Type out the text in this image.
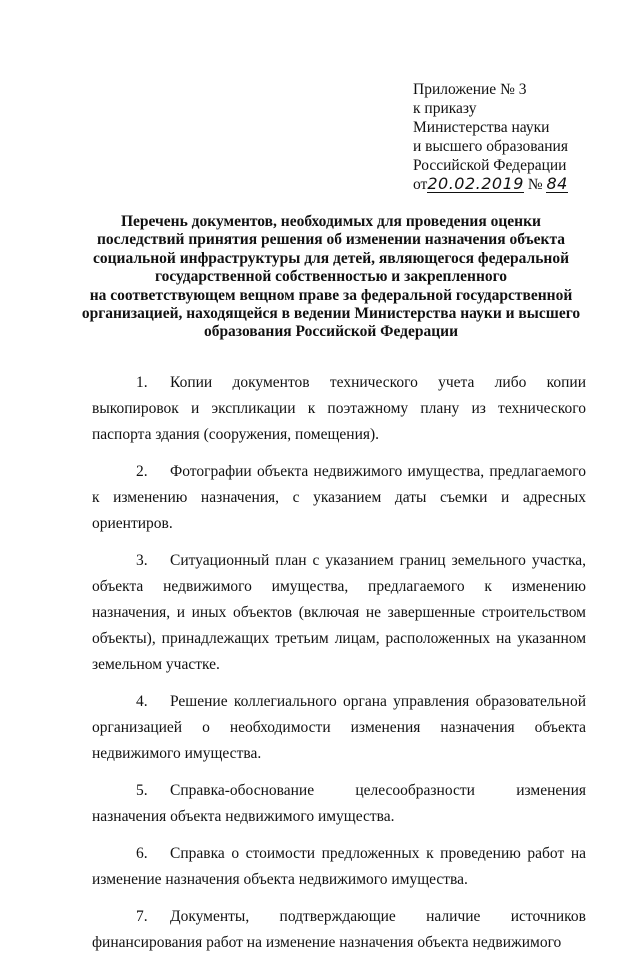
Приложение № 3
к приказу
Министерства науки
и высшего образования
Российской Федерации
от20.02.2019 № 84
Перечень документов, необходимых для проведения оценки
последствий принятия решения об изменении назначения объекта
социальной инфраструктуры для детей, являющегося федеральной
государственной собственностью и закрепленного
на соответствующем вещном праве за федеральной государственной
организацией, находящейся в ведении Министерства науки и высшего
образования Российской Федерации

1. Копии документов технического учета либо копии выкопировок и экспликации к поэтажному плану из технического паспорта здания (сооружения, помещения).

2. Фотографии объекта недвижимого имущества, предлагаемого к изменению назначения, с указанием даты съемки и адресных ориентиров.

3. Ситуационный план с указанием границ земельного участка, объекта недвижимого имущества, предлагаемого к изменению назначения, и иных объектов (включая не завершенные строительством объекты), принадлежащих третьим лицам, расположенных на указанном земельном участке.

4. Решение коллегиального органа управления образовательной организацией о необходимости изменения назначения объекта недвижимого имущества.

5. Справка-обоснование целесообразности изменения назначения объекта недвижимого имущества.

6. Справка о стоимости предложенных к проведению работ на изменение назначения объекта недвижимого имущества.

7. Документы, подтверждающие наличие источников финансирования работ на изменение назначения объекта недвижимого
